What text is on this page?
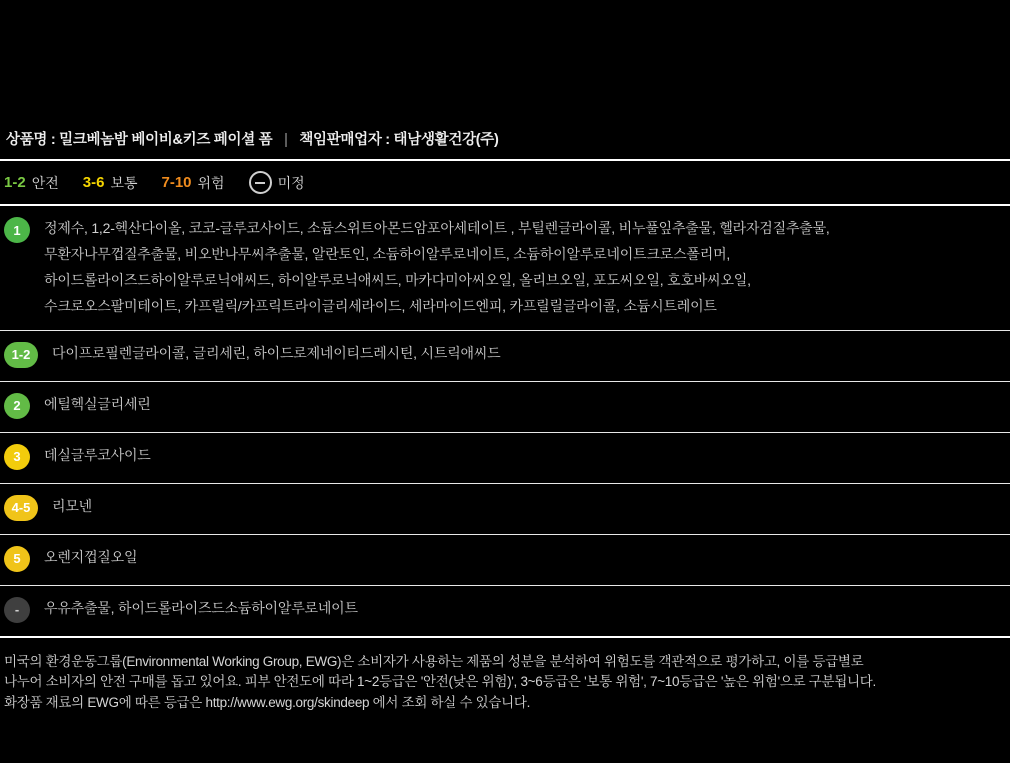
상품명 : 밀크베놈밤 베이비&키즈 페이셜 폼 | 책임판매업자 : 태남생활건강(주)
1-2 안전 3-6 보통 7-10 위험	미정
1	정제수, 1,2-헥산다이올, 코코-글루코사이드, 소듐스위트아몬드암포아세테이트 , 부틸렌글라이콜, 비누풀잎추출물, 헬라자검질추출물,
무환자나무껍질추출물, 비오반나무씨추출물, 알란토인, 소듐하이알루로네이트, 소듐하이알루로네이트크로스폴리머,
하이드롤라이즈드하이알루로닉애씨드, 하이알루로닉애씨드, 마카다미아씨오일, 올리브오일, 포도씨오일, 호호바씨오일,
수크로오스팔미테이트, 카프릴릭/카프릭트라이글리세라이드, 세라마이드엔피, 카프릴릴글라이콜, 소듐시트레이트
1-2	다이프로필렌글라이콜, 글리세린, 하이드로제네이티드레시틴, 시트릭애씨드
2	에틸헥실글리세린
3	데실글루코사이드
4-5	리모넨
5	오렌지껍질오일
-	우유추출물, 하이드롤라이즈드소듐하이알루로네이트
미국의 환경운동그룹(Environmental Working Group, EWG)은 소비자가 사용하는 제품의 성분을 분석하여 위험도를 객관적으로 평가하고, 이를 등급별로
나누어 소비자의 안전 구매를 돕고 있어요. 피부 안전도에 따라 1~2등급은 '안전(낮은 위험)', 3~6등급은 '보통 위험', 7~10등급은 '높은 위험'으로 구분됩니다.
화장품 재료의 EWG에 따른 등급은 http://www.ewg.org/skindeep 에서 조회 하실 수 있습니다.
